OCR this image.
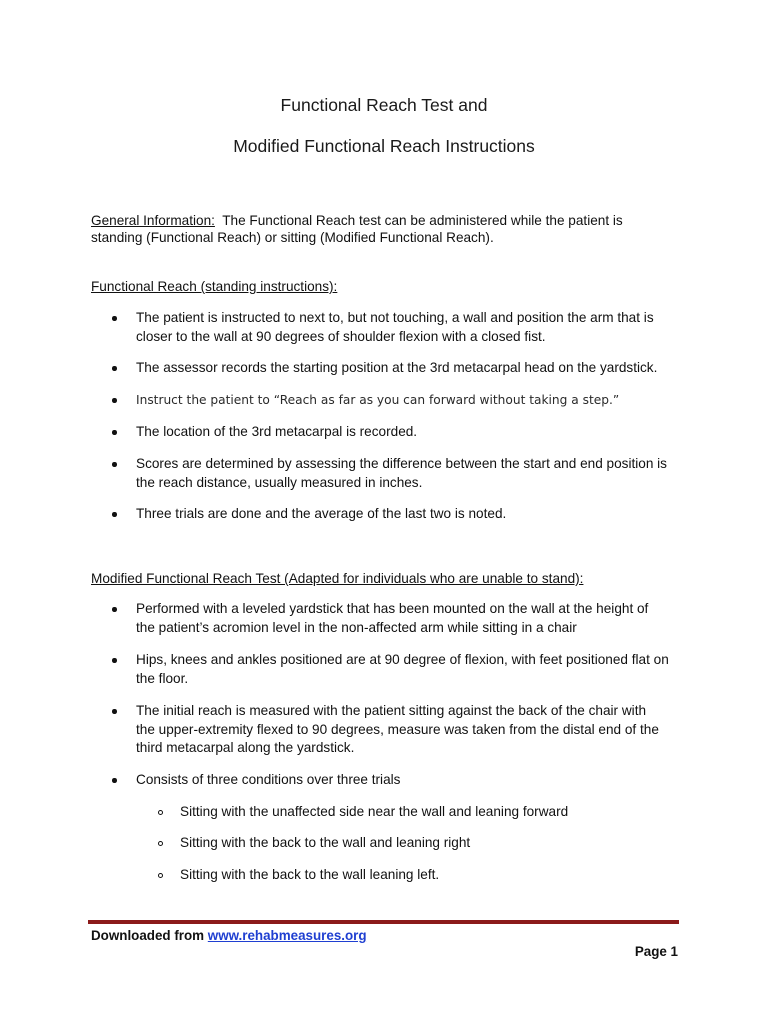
Functional Reach Test and
Modified Functional Reach Instructions
General Information:  The Functional Reach test can be administered while the patient is
standing (Functional Reach) or sitting (Modified Functional Reach).
Functional Reach (standing instructions):
The patient is instructed to next to, but not touching, a wall and position the arm that is
closer to the wall at 90 degrees of shoulder flexion with a closed fist.
The assessor records the starting position at the 3rd metacarpal head on the yardstick.
Instruct the patient to “Reach as far as you can forward without taking a step.”
The location of the 3rd metacarpal is recorded.
Scores are determined by assessing the difference between the start and end position is
the reach distance, usually measured in inches.
Three trials are done and the average of the last two is noted.
Modified Functional Reach Test (Adapted for individuals who are unable to stand):
Performed with a leveled yardstick that has been mounted on the wall at the height of
the patient’s acromion level in the non-affected arm while sitting in a chair
Hips, knees and ankles positioned are at 90 degree of flexion, with feet positioned flat on
the floor.
The initial reach is measured with the patient sitting against the back of the chair with
the upper-extremity flexed to 90 degrees, measure was taken from the distal end of the
third metacarpal along the yardstick.
Consists of three conditions over three trials
Sitting with the unaffected side near the wall and leaning forward
Sitting with the back to the wall and leaning right
Sitting with the back to the wall leaning left.
Downloaded from www.rehabmeasures.org
Page 1
